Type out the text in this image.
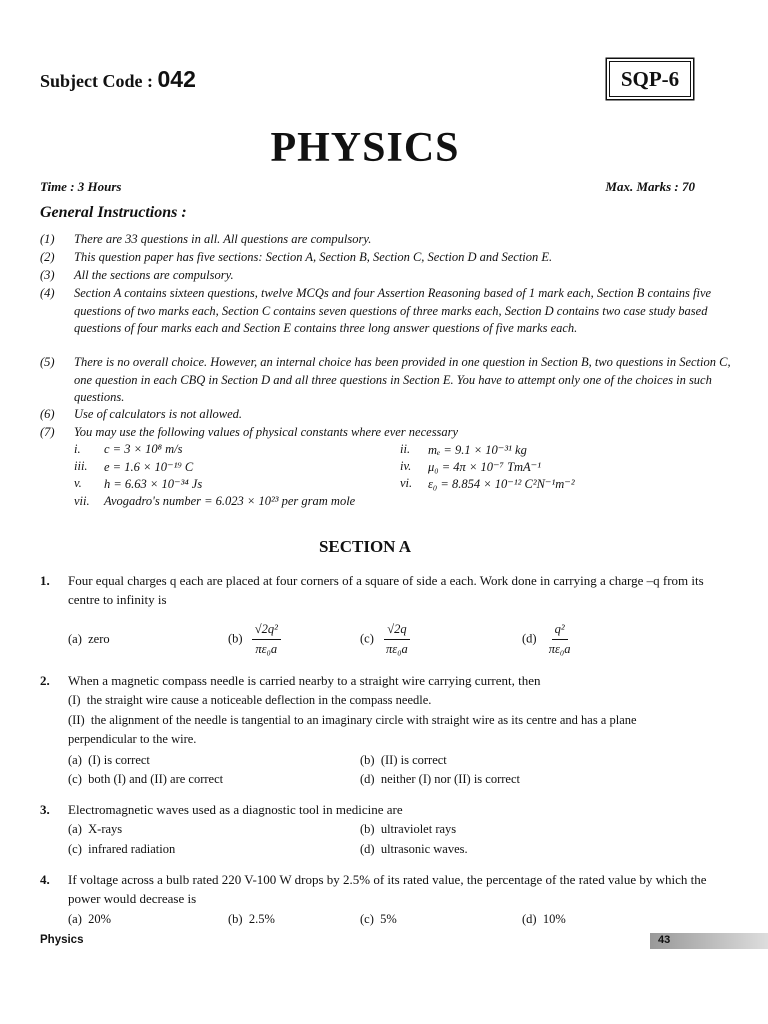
Subject Code : 042	SQP-6
PHYSICS
Time : 3 Hours	Max. Marks : 70
General Instructions :
(1) There are 33 questions in all. All questions are compulsory.
(2) This question paper has five sections: Section A, Section B, Section C, Section D and Section E.
(3) All the sections are compulsory.
(4) Section A contains sixteen questions, twelve MCQs and four Assertion Reasoning based of 1 mark each, Section B contains five questions of two marks each, Section C contains seven questions of three marks each, Section D contains two case study based questions of four marks each and Section E contains three long answer questions of five marks each.
(5) There is no overall choice. However, an internal choice has been provided in one question in Section B, two questions in Section C, one question in each CBQ in Section D and all three questions in Section E. You have to attempt only one of the choices in such questions.
(6) Use of calculators is not allowed.
(7) You may use the following values of physical constants where ever necessary
i. c = 3 × 10⁸ m/s	ii. mₑ = 9.1 × 10⁻³¹ kg
iii. e = 1.6 × 10⁻¹⁹ C	iv. μ₀ = 4π × 10⁻⁷ TmA⁻¹
v. h = 6.63 × 10⁻³⁴ Js	vi. ε₀ = 8.854 × 10⁻¹² C²N⁻¹m⁻²
vii. Avogadro's number = 6.023 × 10²³ per gram mole
SECTION A
1. Four equal charges q each are placed at four corners of a square of side a each. Work done in carrying a charge –q from its centre to infinity is
(a) zero	$(b) \frac{\text{√2q²}}{\text{πε₀a}}$	$(c) \frac{√2q}{\text{πε₀a}}$	$(d) \frac{\text{q²}}{\text{πε₀a}}$
2. When a magnetic compass needle is carried nearby to a straight wire carrying current, then
(I) the straight wire cause a noticeable deflection in the compass needle.
(II) the alignment of the needle is tangential to an imaginary circle with straight wire as its centre and has a plane perpendicular to the wire.
(a) (I) is correct	(b) (II) is correct
(c) both (I) and (II) are correct	(d) neither (I) nor (II) is correct
3. Electromagnetic waves used as a diagnostic tool in medicine are
(a) X-rays	(b) ultraviolet rays
(c) infrared radiation	(d) ultrasonic waves.
4. If voltage across a bulb rated 220 V-100 W drops by 2.5% of its rated value, the percentage of the rated value by which the power would decrease is
(a) 20%	(b) 2.5%	(c) 5%	(d) 10%
Physics	43
